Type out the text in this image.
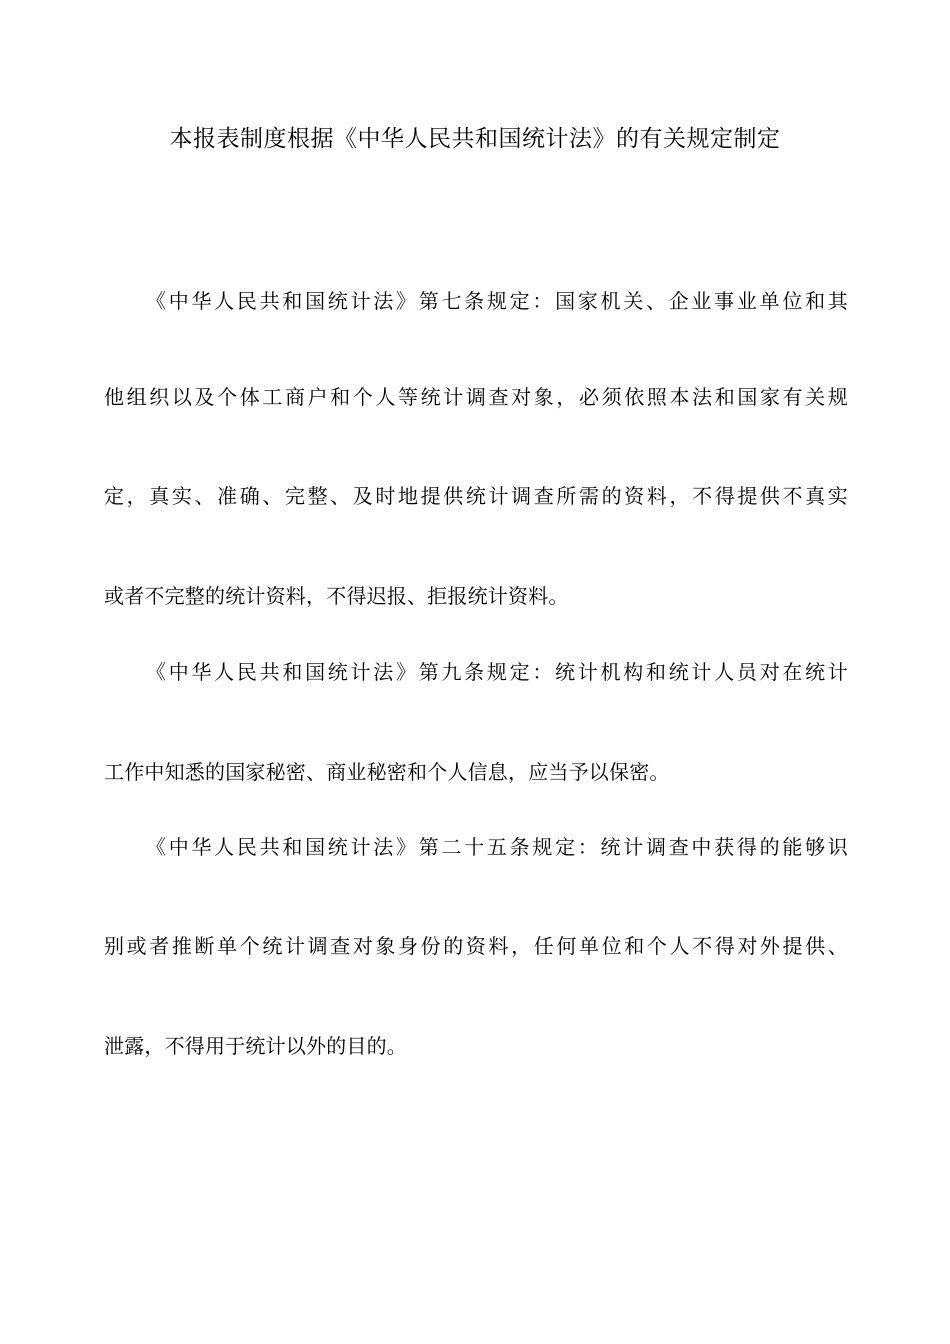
本报表制度根据《中华人民共和国统计法》的有关规定制定
《中华人民共和国统计法》第七条规定：国家机关、企业事业单位和其
他组织以及个体工商户和个人等统计调查对象，必须依照本法和国家有关规
定，真实、准确、完整、及时地提供统计调查所需的资料，不得提供不真实
或者不完整的统计资料，不得迟报、拒报统计资料。
《中华人民共和国统计法》第九条规定：统计机构和统计人员对在统计
工作中知悉的国家秘密、商业秘密和个人信息，应当予以保密。
《中华人民共和国统计法》第二十五条规定：统计调查中获得的能够识
别或者推断单个统计调查对象身份的资料，任何单位和个人不得对外提供、
泄露，不得用于统计以外的目的。
